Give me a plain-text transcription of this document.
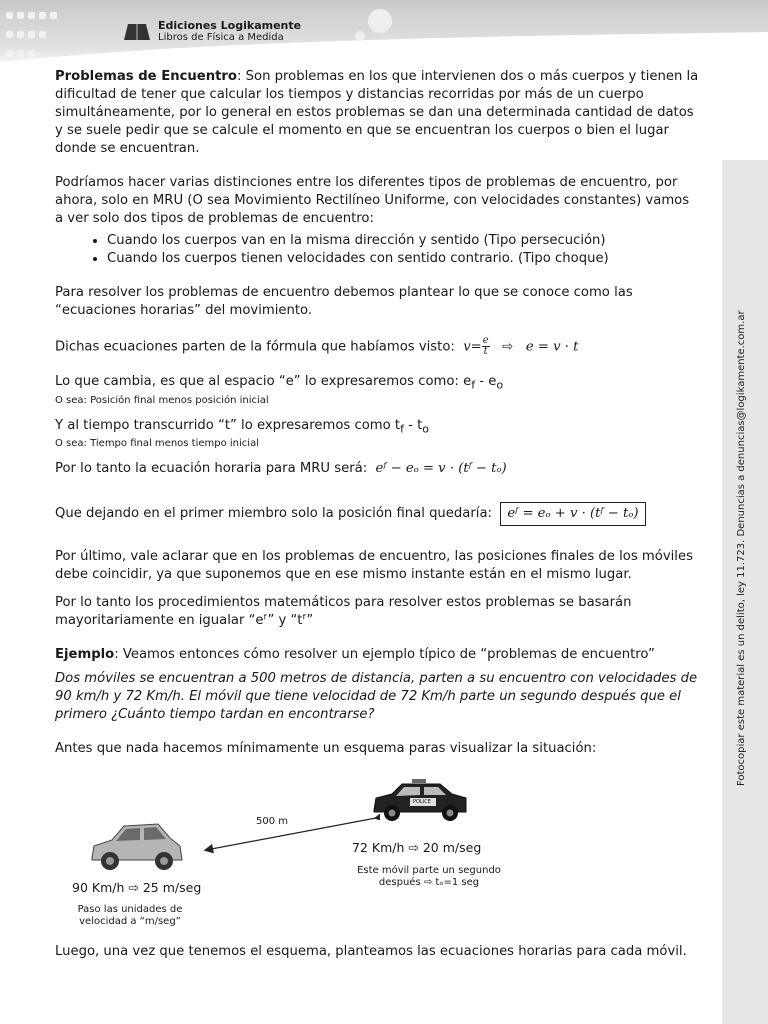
Ediciones Logikamente
Libros de Física a Medida
Fotocopiar este material es un delito, ley 11.723. Denuncias a denuncias@logikamente.com.ar

Problemas de Encuentro: Son problemas en los que intervienen dos o más cuerpos y tienen la dificultad de tener que calcular los tiempos y distancias recorridas por más de un cuerpo simultáneamente, por lo general en estos problemas se dan una determinada cantidad de datos y se suele pedir que se calcule el momento en que se encuentran los cuerpos o bien el lugar donde se encuentran.

Podríamos hacer varias distinciones entre los diferentes tipos de problemas de encuentro, por ahora, solo en MRU (O sea Movimiento Rectilíneo Uniforme, con velocidades constantes) vamos a ver solo dos tipos de problemas de encuentro:

• Cuando los cuerpos van en la misma dirección y sentido (Tipo persecución)
• Cuando los cuerpos tienen velocidades con sentido contrario. (Tipo choque)

Para resolver los problemas de encuentro debemos plantear lo que se conoce como las “ecuaciones horarias” del movimiento.

Dichas ecuaciones parten de la fórmula que habíamos visto: $v= \frac{e}{t}$ ⇨ e = v · t

Lo que cambia, es que al espacio “e” lo expresaremos como: $e_f - e_o$

O sea: Posición final menos posición inicial

Y al tiempo transcurrido “t” lo expresaremos como $t_f - t_o$

O sea: Tiempo final menos tiempo inicial

Por lo tanto la ecuación horaria para MRU será: eᶠ − eₒ = v · (tᶠ − tₒ)

Que dejando en el primer miembro solo la posición final quedaría: eᶠ = eₒ + v · (tᶠ − tₒ)

Por último, vale aclarar que en los problemas de encuentro, las posiciones finales de los móviles debe coincidir, ya que suponemos que en ese mismo instante están en el mismo lugar.

Por lo tanto los procedimientos matemáticos para resolver estos problemas se basarán mayoritariamente en igualar “eᶠ” y “tᶠ”

Ejemplo: Veamos entonces cómo resolver un ejemplo típico de “problemas de encuentro”

Dos móviles se encuentran a 500 metros de distancia, parten a su encuentro con velocidades de 90 km/h y 72 Km/h. El móvil que tiene velocidad de 72 Km/h parte un segundo después que el primero ¿Cuánto tiempo tardan en encontrarse?

Antes que nada hacemos mínimamente un esquema paras visualizar la situación:

500 m
POLICE
72 Km/h ⇨ 20 m/seg
Este móvil parte un segundo
después ⇨ tₒ=1 seg
90 Km/h ⇨ 25 m/seg
Paso las unidades de velocidad a “m/seg”
Luego, una vez que tenemos el esquema, planteamos las ecuaciones horarias para cada móvil.
